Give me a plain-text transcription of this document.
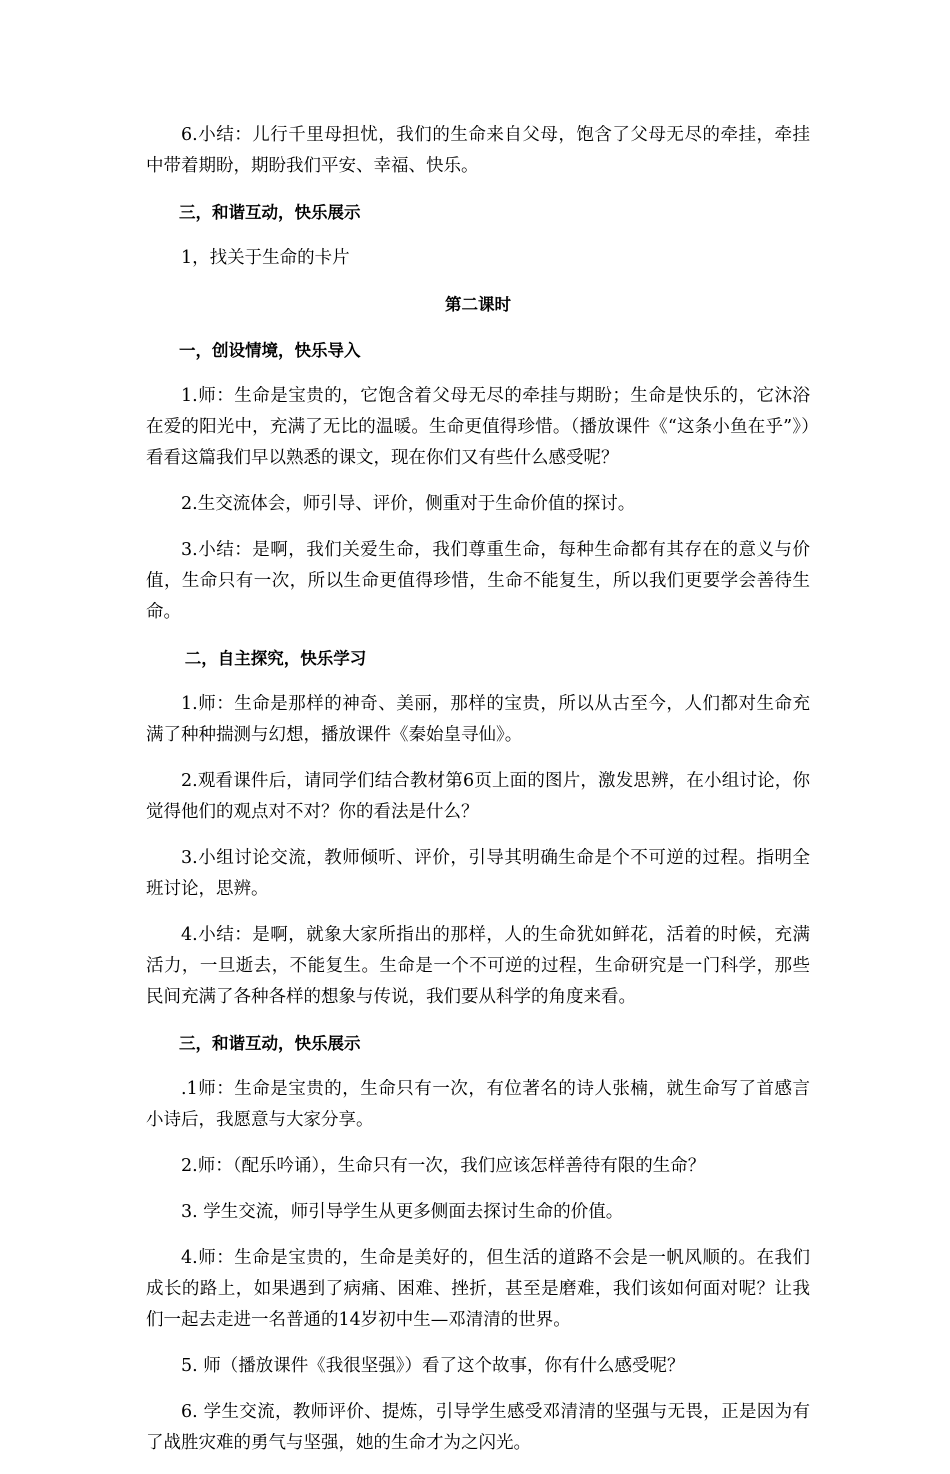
6.小结：儿行千里母担忧，我们的生命来自父母，饱含了父母无尽的牵挂，牵挂中带着期盼，期盼我们平安、幸福、快乐。

三，和谐互动，快乐展示

1，找关于生命的卡片

第二课时

一，创设情境，快乐导入

1.师：生命是宝贵的，它饱含着父母无尽的牵挂与期盼；生命是快乐的，它沐浴在爱的阳光中，充满了无比的温暖。生命更值得珍惜。（播放课件《“这条小鱼在乎”》）看看这篇我们早以熟悉的课文，现在你们又有些什么感受呢？

2.生交流体会，师引导、评价，侧重对于生命价值的探讨。

3.小结：是啊，我们关爱生命，我们尊重生命，每种生命都有其存在的意义与价值，生命只有一次，所以生命更值得珍惜，生命不能复生，所以我们更要学会善待生命。

二，自主探究，快乐学习

1.师：生命是那样的神奇、美丽，那样的宝贵，所以从古至今，人们都对生命充满了种种揣测与幻想，播放课件《秦始皇寻仙》。

2.观看课件后，请同学们结合教材第6页上面的图片，激发思辨，在小组讨论，你觉得他们的观点对不对？你的看法是什么？

3.小组讨论交流，教师倾听、评价，引导其明确生命是个不可逆的过程。指明全班讨论，思辨。

4.小结：是啊，就象大家所指出的那样，人的生命犹如鲜花，活着的时候，充满活力，一旦逝去，不能复生。生命是一个不可逆的过程，生命研究是一门科学，那些民间充满了各种各样的想象与传说，我们要从科学的角度来看。

三，和谐互动，快乐展示

.1师：生命是宝贵的，生命只有一次，有位著名的诗人张楠，就生命写了首感言小诗后，我愿意与大家分享。

2.师：（配乐吟诵），生命只有一次，我们应该怎样善待有限的生命？

3. 学生交流，师引导学生从更多侧面去探讨生命的价值。

4.师：生命是宝贵的，生命是美好的，但生活的道路不会是一帆风顺的。在我们成长的路上，如果遇到了病痛、困难、挫折，甚至是磨难，我们该如何面对呢？让我们一起去走进一名普通的14岁初中生—邓清清的世界。

5. 师（播放课件《我很坚强》）看了这个故事，你有什么感受呢？

6. 学生交流，教师评价、提炼，引导学生感受邓清清的坚强与无畏，正是因为有了战胜灾难的勇气与坚强，她的生命才为之闪光。
